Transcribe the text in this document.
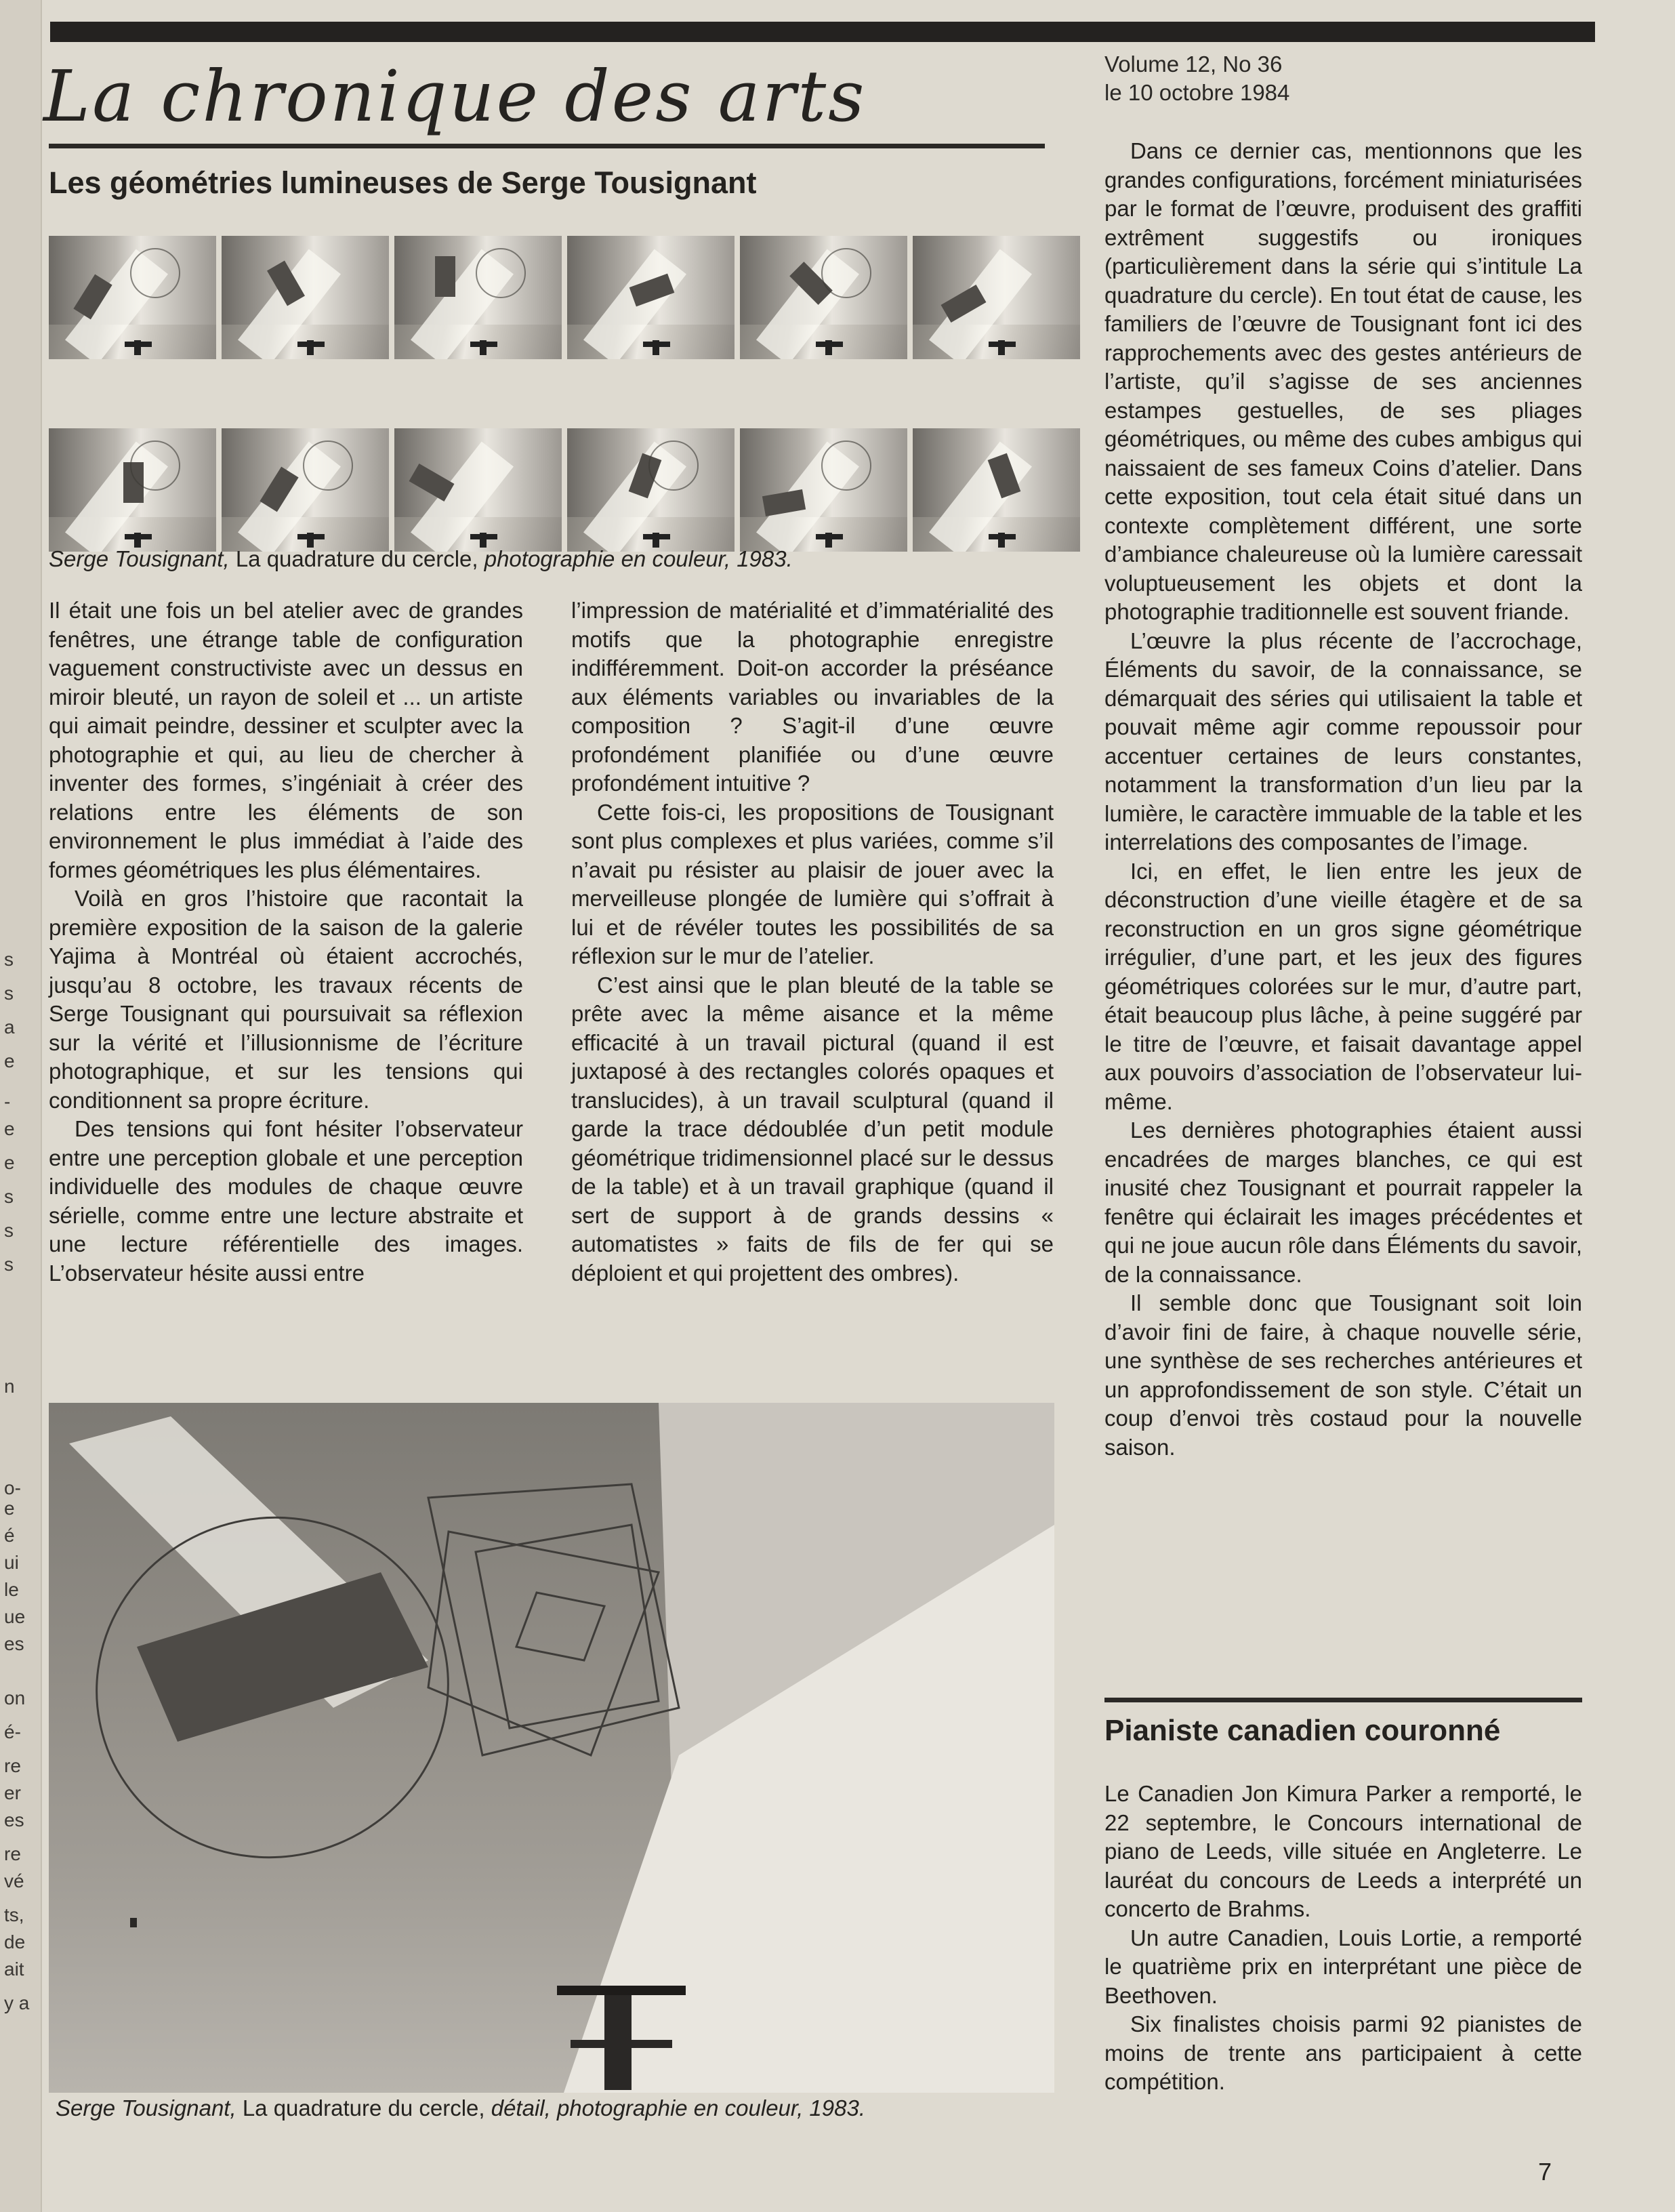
s
s
a
e
-
e
e
s
s
s
n
o-
e
é
ui
le
ue
es
on
é-
re
er
es
re
vé
ts,
de
ait
y a
La chronique des arts	Volume 12, No 36
le 10 octobre 1984
Les géométries lumineuses de Serge Tousignant
Serge Tousignant, La quadrature du cercle, photographie en couleur, 1983.

Il était une fois un bel atelier avec de grandes fenêtres, une étrange table de configuration vaguement constructiviste avec un dessus en miroir bleuté, un rayon de soleil et ... un artiste qui aimait peindre, dessiner et sculpter avec la photographie et qui, au lieu de chercher à inventer des formes, s’ingéniait à créer des relations entre les éléments de son environnement le plus immédiat à l’aide des formes géométriques les plus élémentaires.

Voilà en gros l’histoire que racontait la première exposition de la saison de la galerie Yajima à Montréal où étaient accrochés, jusqu’au 8 octobre, les travaux récents de Serge Tousignant qui poursuivait sa réflexion sur la vérité et l’illusionnisme de l’écriture photographique, et sur les tensions qui conditionnent sa propre écriture.

Des tensions qui font hésiter l’observateur entre une perception globale et une perception individuelle des modules de chaque œuvre sérielle, comme entre une lecture abstraite et une lecture référentielle des images. L’observateur hésite aussi entre

l’impression de matérialité et d’immatérialité des motifs que la photographie enregistre indifféremment. Doit-on accorder la préséance aux éléments variables ou invariables de la composition ? S’agit-il d’une œuvre profondément planifiée ou d’une œuvre profondément intuitive ?

Cette fois-ci, les propositions de Tousignant sont plus complexes et plus variées, comme s’il n’avait pu résister au plaisir de jouer avec la merveilleuse plongée de lumière qui s’offrait à lui et de révéler toutes les possibilités de sa réflexion sur le mur de l’atelier.

C’est ainsi que le plan bleuté de la table se prête avec la même aisance et la même efficacité à un travail pictural (quand il est juxtaposé à des rectangles colorés opaques et translucides), à un travail sculptural (quand il garde la trace dédoublée d’un petit module géométrique tridimensionnel placé sur le dessus de la table) et à un travail graphique (quand il sert de support à de grands dessins « automatistes » faits de fils de fer qui se déploient et qui projettent des ombres).

Dans ce dernier cas, mentionnons que les grandes configurations, forcément miniaturisées par le format de l’œuvre, produisent des graffiti extrêment suggestifs ou ironiques (particulièrement dans la série qui s’intitule La quadrature du cercle). En tout état de cause, les familiers de l’œuvre de Tousignant font ici des rapprochements avec des gestes antérieurs de l’artiste, qu’il s’agisse de ses anciennes estampes gestuelles, de ses pliages géométriques, ou même des cubes ambigus qui naissaient de ses fameux Coins d’atelier. Dans cette exposition, tout cela était situé dans un contexte complètement différent, une sorte d’ambiance chaleureuse où la lumière caressait voluptueusement les objets et dont la photographie traditionnelle est souvent friande.

L’œuvre la plus récente de l’accrochage, Éléments du savoir, de la connaissance, se démarquait des séries qui utilisaient la table et pouvait même agir comme repoussoir pour accentuer certaines de leurs constantes, notamment la transformation d’un lieu par la lumière, le caractère immuable de la table et les interrelations des composantes de l’image.

Ici, en effet, le lien entre les jeux de déconstruction d’une vieille étagère et de sa reconstruction en un gros signe géométrique irrégulier, d’une part, et les jeux des figures géométriques colorées sur le mur, d’autre part, était beaucoup plus lâche, à peine suggéré par le titre de l’œuvre, et faisait davantage appel aux pouvoirs d’association de l’observateur lui-même.

Les dernières photographies étaient aussi encadrées de marges blanches, ce qui est inusité chez Tousignant et pourrait rappeler la fenêtre qui éclairait les images précédentes et qui ne joue aucun rôle dans Éléments du savoir, de la connaissance.

Il semble donc que Tousignant soit loin d’avoir fini de faire, à chaque nouvelle série, une synthèse de ses recherches antérieures et un approfondissement de son style. C’était un coup d’envoi très costaud pour la nouvelle saison.

Serge Tousignant, La quadrature du cercle, détail, photographie en couleur, 1983.
Pianiste canadien couronné

Le Canadien Jon Kimura Parker a remporté, le 22 septembre, le Concours international de piano de Leeds, ville située en Angleterre. Le lauréat du concours de Leeds a interprété un concerto de Brahms.

Un autre Canadien, Louis Lortie, a remporté le quatrième prix en interprétant une pièce de Beethoven.

Six finalistes choisis parmi 92 pianistes de moins de trente ans participaient à cette compétition.

7
